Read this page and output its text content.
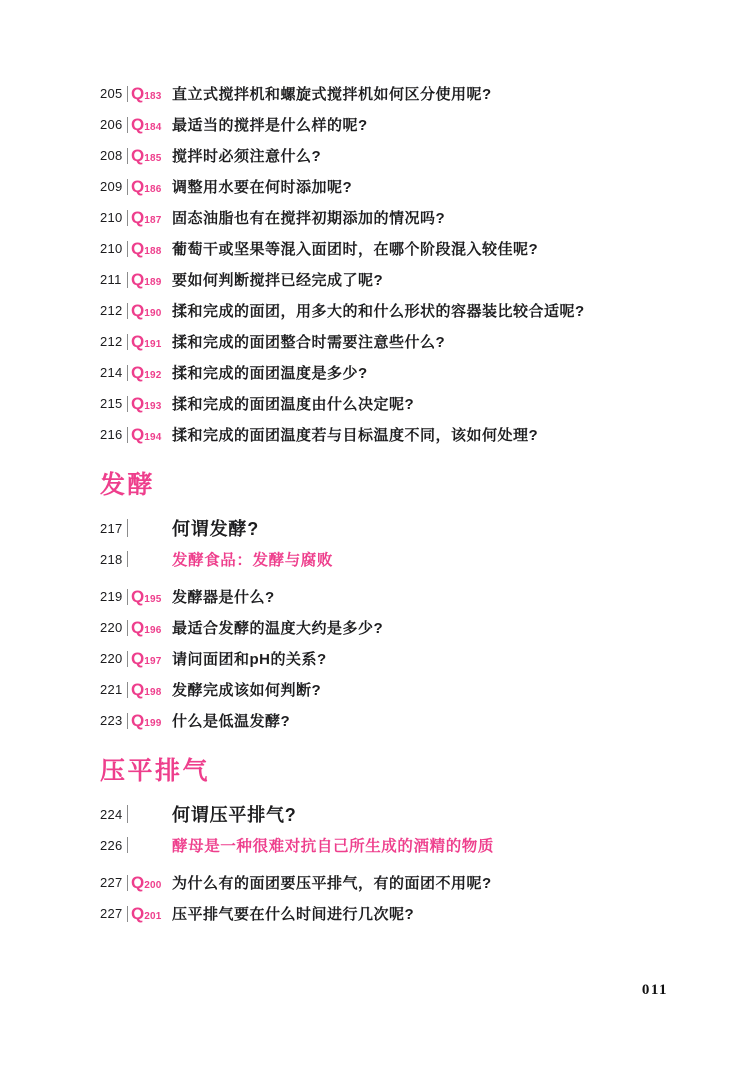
205 Q183 直立式搅拌机和螺旋式搅拌机如何区分使用呢?
206 Q184 最适当的搅拌是什么样的呢?
208 Q185 搅拌时必须注意什么?
209 Q186 调整用水要在何时添加呢?
210 Q187 固态油脂也有在搅拌初期添加的情况吗?
210 Q188 葡萄干或坚果等混入面团时，在哪个阶段混入较佳呢?
211 Q189 要如何判断搅拌已经完成了呢?
212 Q190 揉和完成的面团，用多大的和什么形状的容器装比较合适呢?
212 Q191 揉和完成的面团整合时需要注意些什么?
214 Q192 揉和完成的面团温度是多少?
215 Q193 揉和完成的面团温度由什么决定呢?
216 Q194 揉和完成的面团温度若与目标温度不同，该如何处理?
发酵
217	何谓发酵?
218	发酵食品：发酵与腐败
219 Q195 发酵器是什么?
220 Q196 最适合发酵的温度大约是多少?
220 Q197 请问面团和pH的关系?
221 Q198 发酵完成该如何判断?
223 Q199 什么是低温发酵?
压平排气
224	何谓压平排气?
226	酵母是一种很难对抗自己所生成的酒精的物质
227 Q200 为什么有的面团要压平排气，有的面团不用呢?
227 Q201 压平排气要在什么时间进行几次呢?
011
